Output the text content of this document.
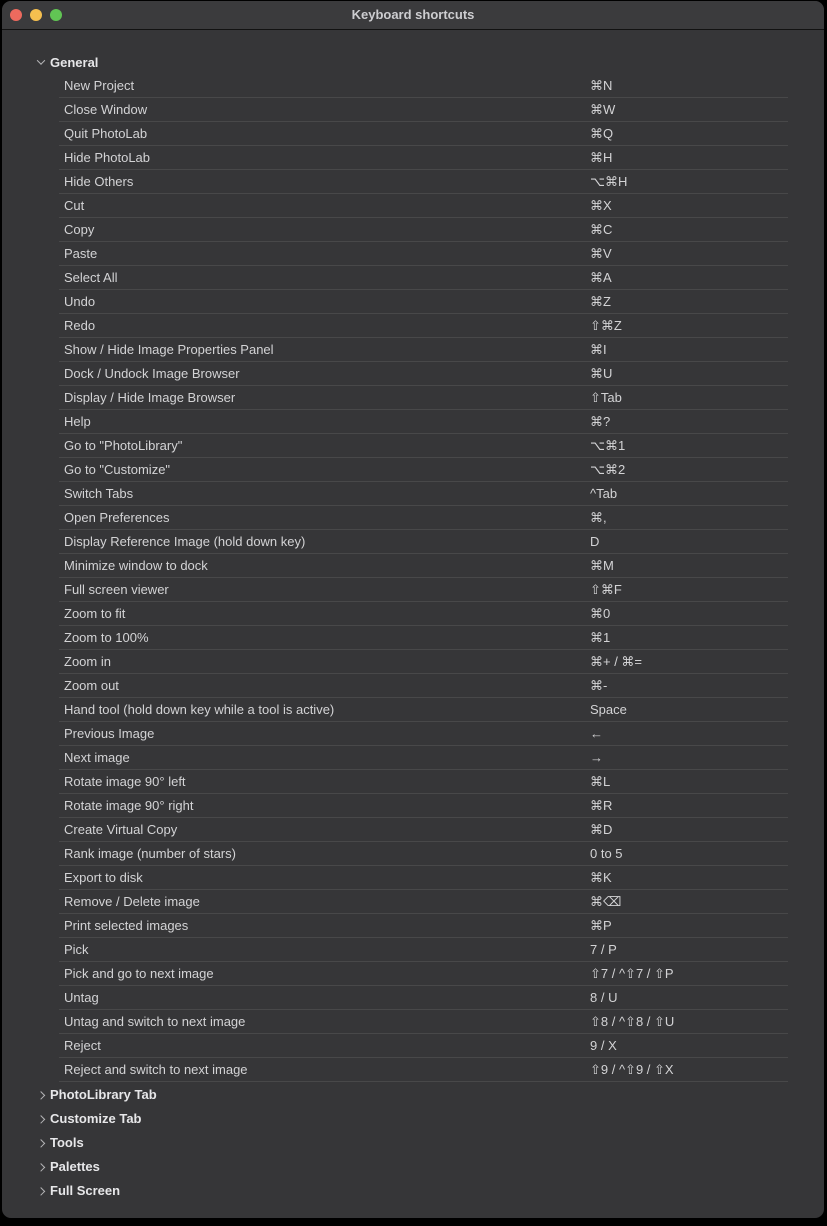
Keyboard shortcuts
General
New Project	⌘N
Close Window	⌘W
Quit PhotoLab	⌘Q
Hide PhotoLab	⌘H
Hide Others	⌥⌘H
Cut	⌘X
Copy	⌘C
Paste	⌘V
Select All	⌘A
Undo	⌘Z
Redo	⇧⌘Z
Show / Hide Image Properties Panel	⌘I
Dock / Undock Image Browser	⌘U
Display / Hide Image Browser	⇧Tab
Help	⌘?
Go to "PhotoLibrary"	⌥⌘1
Go to "Customize"	⌥⌘2
Switch Tabs	^Tab
Open Preferences	⌘,
Display Reference Image (hold down key)	D
Minimize window to dock	⌘M
Full screen viewer	⇧⌘F
Zoom to fit	⌘0
Zoom to 100%	⌘1
Zoom in	⌘+ / ⌘=
Zoom out	⌘-
Hand tool (hold down key while a tool is active)	Space
Previous Image	←
Next image	→
Rotate image 90° left	⌘L
Rotate image 90° right	⌘R
Create Virtual Copy	⌘D
Rank image (number of stars)	0 to 5
Export to disk	⌘K
Remove / Delete image	⌘⌫
Print selected images	⌘P
Pick	7 / P
Pick and go to next image	⇧7 / ^⇧7 / ⇧P
Untag	8 / U
Untag and switch to next image	⇧8 / ^⇧8 / ⇧U
Reject	9 / X
Reject and switch to next image	⇧9 / ^⇧9 / ⇧X
PhotoLibrary Tab
Customize Tab
Tools
Palettes
Full Screen
